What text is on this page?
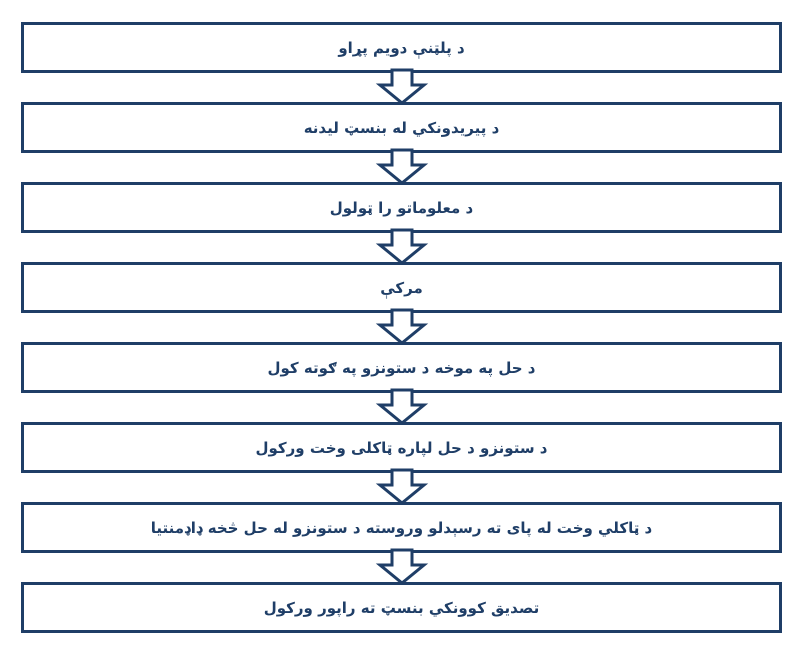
د پلټنې دويم پړاو
د پيريدونکي له بنسټ ليدنه
د معلوماتو را ټولول
مرکې
د حل په موخه د ستونزو په ګوته کول
د ستونزو د حل لپاره ټاکلی وخت ورکول
د ټاکلي وخت له پای ته رسېدلو وروسته د ستونزو له حل څخه ډاډمنتيا
تصديق کوونکي بنسټ ته راپور ورکول
